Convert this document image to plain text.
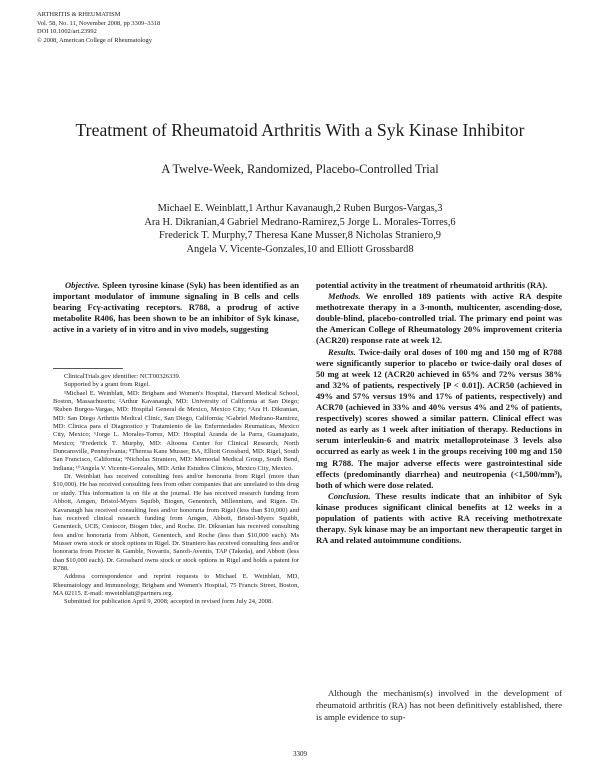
ARTHRITIS & RHEUMATISM
Vol. 58, No. 11, November 2008, pp 3309–3318
DOI 10.1002/art.23992
© 2008, American College of Rheumatology
Treatment of Rheumatoid Arthritis With a Syk Kinase Inhibitor
A Twelve-Week, Randomized, Placebo-Controlled Trial
Michael E. Weinblatt,1 Arthur Kavanaugh,2 Ruben Burgos-Vargas,3
Ara H. Dikranian,4 Gabriel Medrano-Ramirez,5 Jorge L. Morales-Torres,6
Frederick T. Murphy,7 Theresa Kane Musser,8 Nicholas Straniero,9
Angela V. Vicente-Gonzales,10 and Elliott Grossbard8

Objective. Spleen tyrosine kinase (Syk) has been identified as an important modulator of immune signaling in B cells and cells bearing Fcγ-activating receptors. R788, a prodrug of active metabolite R406, has been shown to be an inhibitor of Syk kinase, active in a variety of in vitro and in vivo models, suggesting

ClinicalTrials.gov identifier: NCT00326339.

Supported by a grant from Rigel.

¹Michael E. Weinblatt, MD: Brigham and Women's Hospital, Harvard Medical School, Boston, Massachusetts; ²Arthur Kavanaugh, MD: University of California at San Diego; ³Ruben Burgos-Vargas, MD: Hospital General de Mexico, Mexico City; ⁴Ara H. Dikranian, MD: San Diego Arthritis Medical Clinic, San Diego, California; ⁵Gabriel Medrano-Ramirez, MD: Clinica para el Diagnostico y Tratamiento de las Enfermedades Reumaticas, Mexico City, Mexico; ⁶Jorge L. Morales-Torres, MD: Hospital Aranda de la Parra, Guanajuato, Mexico; ⁷Frederick T. Murphy, MD: Altoona Center for Clinical Research, North Duncansville, Pennsylvania; ⁸Theresa Kane Musser, BA, Elliott Grossbard, MD: Rigel, South San Francisco, California; ⁹Nicholas Straniero, MD: Memorial Medical Group, South Bend, Indiana; ¹⁰Angela V. Vicente-Gonzales, MD: Artke Estudios Clinicos, Mexico City, Mexico.

Dr. Weinblatt has received consulting fees and/or honoraria from Rigel (more than $10,000). He has received consulting fees from other companies that are unrelated to this drug or study. This information is on file at the journal. He has received research funding from Abbott, Amgen, Bristol-Myers Squibb, Biogen, Genentech, Millennium, and Rigen. Dr. Kavanaugh has received consulting fees and/or honoraria from Rigel (less than $10,000) and has received clinical research funding from Amgen, Abbott, Bristol-Myers Squibb, Genentech, UCB, Centocor, Biogen Idec, and Roche. Dr. Dikranian has received consulting fees and/or honoraria from Abbott, Genentech, and Roche (less than $10,000 each). Ms Musser owns stock or stock options in Rigel. Dr. Straniero has received consulting fees and/or honoraria from Procter & Gamble, Novartis, Sanofi-Aventis, TAP (Takeda), and Abbott (less than $10,000 each). Dr. Grossbard owns stock or stock options in Rigel and holds a patent for R788.

Address correspondence and reprint requests to Michael E. Weinblatt, MD, Rheumatology and Immunology, Brigham and Women's Hospital, 75 Francis Street, Boston, MA 02115. E-mail: mweinblatt@partners.org.

Submitted for publication April 9, 2008; accepted in revised form July 24, 2008.

potential activity in the treatment of rheumatoid arthritis (RA).

Methods. We enrolled 189 patients with active RA despite methotrexate therapy in a 3-month, multicenter, ascending-dose, double-blind, placebo-controlled trial. The primary end point was the American College of Rheumatology 20% improvement criteria (ACR20) response rate at week 12.

Results. Twice-daily oral doses of 100 mg and 150 mg of R788 were significantly superior to placebo or twice-daily oral doses of 50 mg at week 12 (ACR20 achieved in 65% and 72% versus 38% and 32% of patients, respectively [P < 0.01]). ACR50 (achieved in 49% and 57% versus 19% and 17% of patients, respectively) and ACR70 (achieved in 33% and 40% versus 4% and 2% of patients, respectively) scores showed a similar pattern. Clinical effect was noted as early as 1 week after initiation of therapy. Reductions in serum interleukin-6 and matrix metalloproteinase 3 levels also occurred as early as week 1 in the groups receiving 100 mg and 150 mg R788. The major adverse effects were gastrointestinal side effects (predominantly diarrhea) and neutropenia (<1,500/mm³), both of which were dose related.

Conclusion. These results indicate that an inhibitor of Syk kinase produces significant clinical benefits at 12 weeks in a population of patients with active RA receiving methotrexate therapy. Syk kinase may be an important new therapeutic target in RA and related autoimmune conditions.

Although the mechanism(s) involved in the development of rheumatoid arthritis (RA) has not been definitively established, there is ample evidence to sup-

3309
